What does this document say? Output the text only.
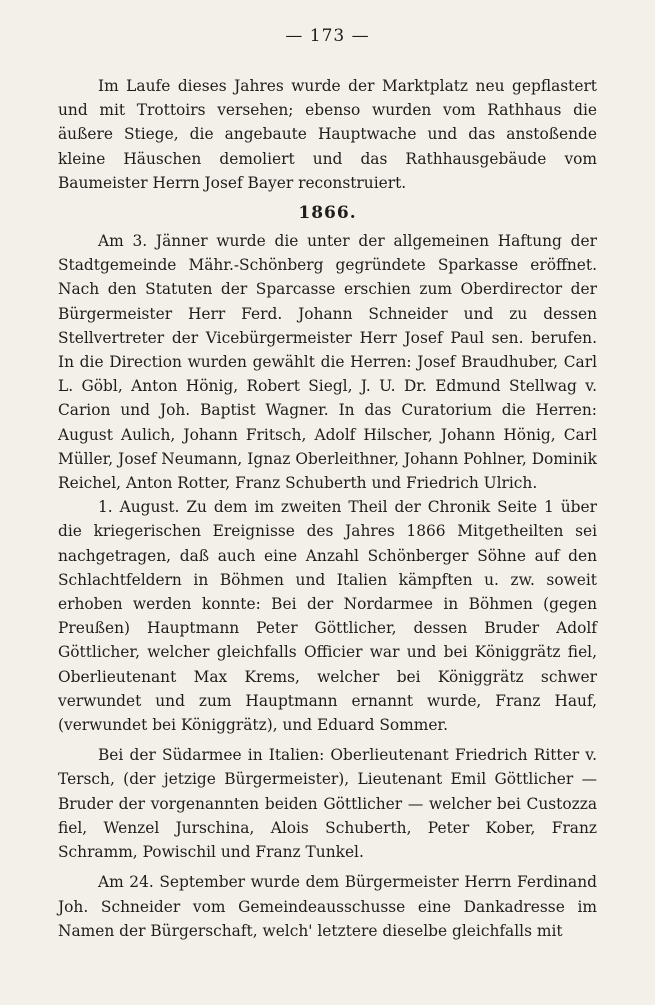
— 173 —

Im Laufe dieses Jahres wurde der Marktplatz neu gepflastert und mit Trottoirs versehen; ebenso wurden vom Rathhaus die äußere Stiege, die angebaute Hauptwache und das anstoßende kleine Häuschen demoliert und das Rathhausgebäude vom Baumeister Herrn Josef Bayer reconstruiert.

1866.

Am 3. Jänner wurde die unter der allgemeinen Haftung der Stadtgemeinde Mähr.-Schönberg gegründete Sparkasse eröffnet. Nach den Statuten der Sparcasse erschien zum Oberdirector der Bürgermeister Herr Ferd. Johann Schneider und zu dessen Stellvertreter der Vicebürgermeister Herr Josef Paul sen. berufen. In die Direction wurden gewählt die Herren: Josef Braudhuber, Carl L. Göbl, Anton Hönig, Robert Siegl, J. U. Dr. Edmund Stellwag v. Carion und Joh. Baptist Wagner. In das Curatorium die Herren: August Aulich, Johann Fritsch, Adolf Hilscher, Johann Hönig, Carl Müller, Josef Neumann, Ignaz Oberleithner, Johann Pohlner, Dominik Reichel, Anton Rotter, Franz Schuberth und Friedrich Ulrich.

1. August. Zu dem im zweiten Theil der Chronik Seite 1 über die kriegerischen Ereignisse des Jahres 1866 Mitgetheilten sei nachgetragen, daß auch eine Anzahl Schönberger Söhne auf den Schlachtfeldern in Böhmen und Italien kämpften u. zw. soweit erhoben werden konnte: Bei der Nordarmee in Böhmen (gegen Preußen) Hauptmann Peter Göttlicher, dessen Bruder Adolf Göttlicher, welcher gleichfalls Officier war und bei Königgrätz fiel, Oberlieutenant Max Krems, welcher bei Königgrätz schwer verwundet und zum Hauptmann ernannt wurde, Franz Hauf, (verwundet bei Königgrätz), und Eduard Sommer.

Bei der Südarmee in Italien: Oberlieutenant Friedrich Ritter v. Tersch, (der jetzige Bürgermeister), Lieutenant Emil Göttlicher — Bruder der vorgenannten beiden Göttlicher — welcher bei Custozza fiel, Wenzel Jurschina, Alois Schuberth, Peter Kober, Franz Schramm, Powischil und Franz Tunkel.

Am 24. September wurde dem Bürgermeister Herrn Ferdinand Joh. Schneider vom Gemeindeausschusse eine Dankadresse im Namen der Bürgerschaft, welch' letztere dieselbe gleichfalls mit
